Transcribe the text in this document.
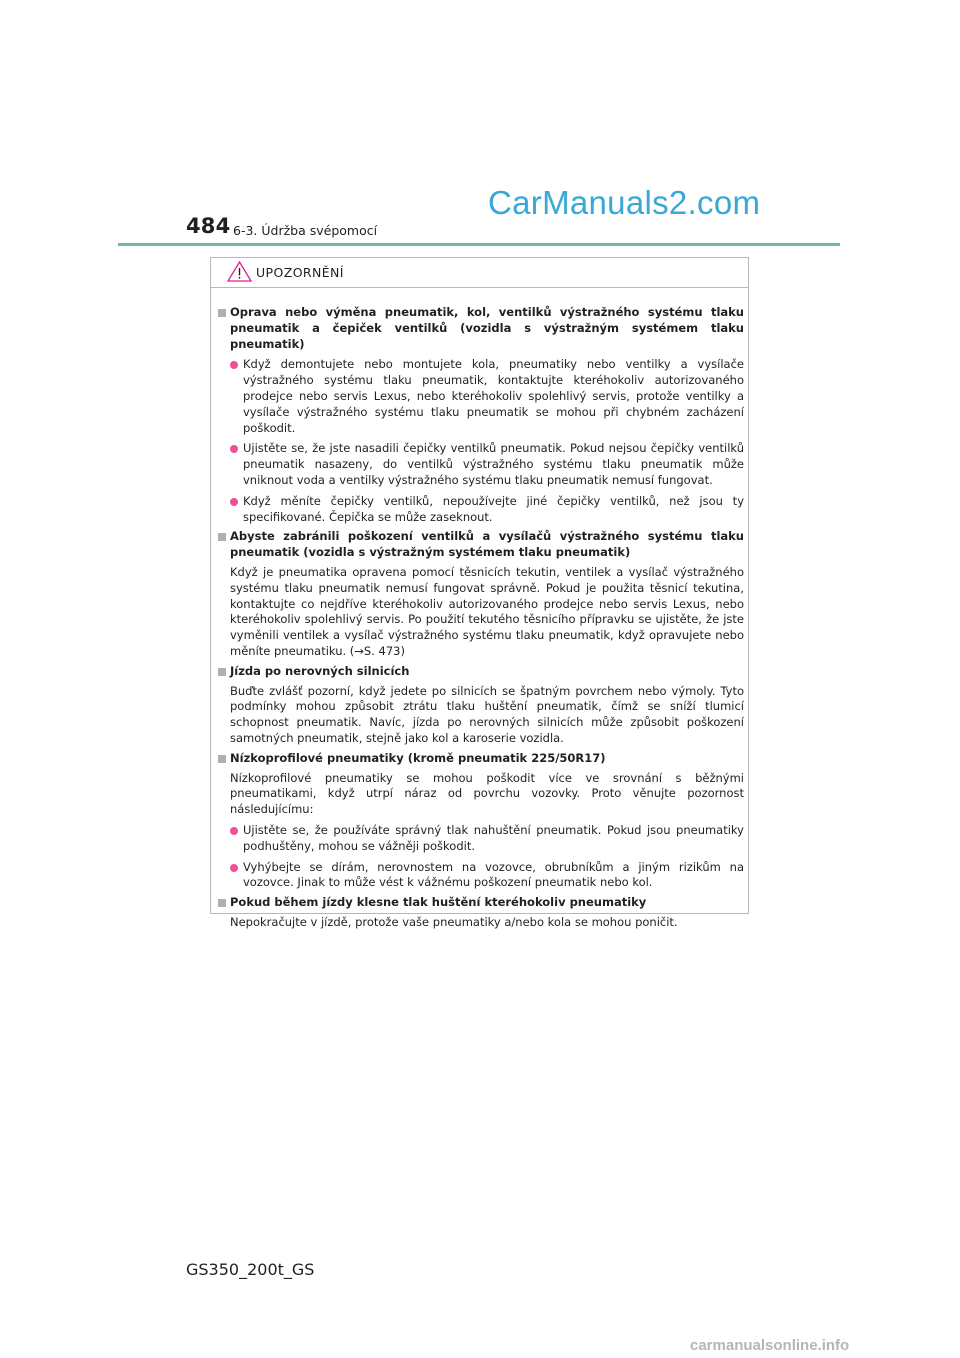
484 6-3. Údržba svépomocí
CarManuals2.com
UPOZORNĚNÍ
Oprava nebo výměna pneumatik, kol, ventilků výstražného systému tlaku pneumatik a čepiček ventilků (vozidla s výstražným systémem tlaku pneumatik)
Když demontujete nebo montujete kola, pneumatiky nebo ventilky a vysílače výstražného systému tlaku pneumatik, kontaktujte kteréhokoliv autorizovaného prodejce nebo servis Lexus, nebo kteréhokoliv spolehlivý servis, protože ventilky a vysílače výstražného systému tlaku pneumatik se mohou při chybném zacházení poškodit.
Ujistěte se, že jste nasadili čepičky ventilků pneumatik. Pokud nejsou čepičky ventilků pneumatik nasazeny, do ventilků výstražného systému tlaku pneumatik může vniknout voda a ventilky výstražného systému tlaku pneumatik nemusí fungovat.
Když měníte čepičky ventilků, nepoužívejte jiné čepičky ventilků, než jsou ty specifikované. Čepička se může zaseknout.
Abyste zabránili poškození ventilků a vysílačů výstražného systému tlaku pneumatik (vozidla s výstražným systémem tlaku pneumatik)
Když je pneumatika opravena pomocí těsnicích tekutin, ventilek a vysílač výstražného systému tlaku pneumatik nemusí fungovat správně. Pokud je použita těsnicí tekutina, kontaktujte co nejdříve kteréhokoliv autorizovaného prodejce nebo servis Lexus, nebo kteréhokoliv spolehlivý servis. Po použití tekutého těsnicího přípravku se ujistěte, že jste vyměnili ventilek a vysílač výstražného systému tlaku pneumatik, když opravujete nebo měníte pneumatiku. (→S. 473)
Jízda po nerovných silnicích
Buďte zvlášť pozorní, když jedete po silnicích se špatným povrchem nebo výmoly. Tyto podmínky mohou způsobit ztrátu tlaku huštění pneumatik, čímž se sníží tlumicí schopnost pneumatik. Navíc, jízda po nerovných silnicích může způsobit poškození samotných pneumatik, stejně jako kol a karoserie vozidla.
Nízkoprofilové pneumatiky (kromě pneumatik 225/50R17)
Nízkoprofilové pneumatiky se mohou poškodit více ve srovnání s běžnými pneumatikami, když utrpí náraz od povrchu vozovky. Proto věnujte pozornost následujícímu:
Ujistěte se, že používáte správný tlak nahuštění pneumatik. Pokud jsou pneumatiky podhuštěny, mohou se vážněji poškodit.
Vyhýbejte se dírám, nerovnostem na vozovce, obrubníkům a jiným rizikům na vozovce. Jinak to může vést k vážnému poškození pneumatik nebo kol.
Pokud během jízdy klesne tlak huštění kteréhokoliv pneumatiky
Nepokračujte v jízdě, protože vaše pneumatiky a/nebo kola se mohou poničit.
GS350_200t_GS
carmanualsonline.info
